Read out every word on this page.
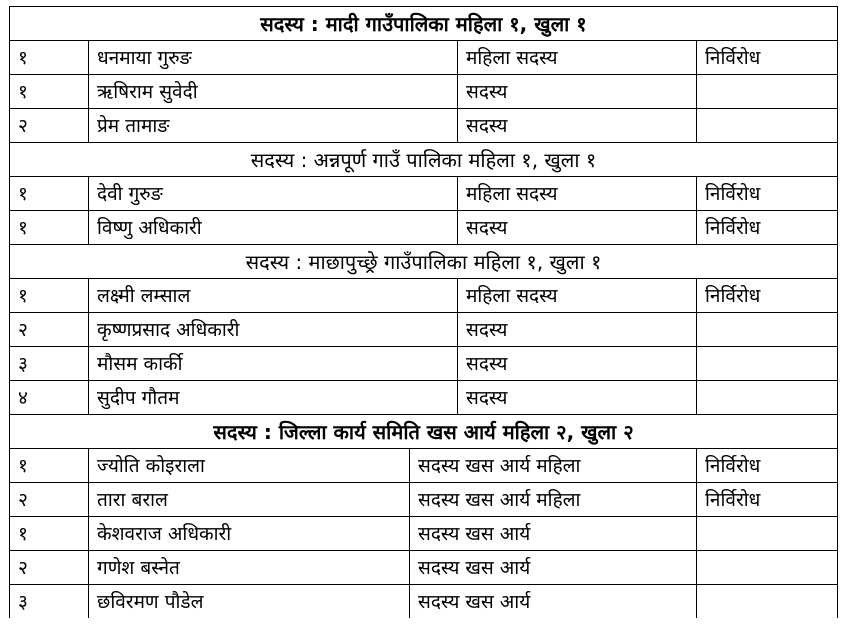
सदस्य : मादी गाउँपालिका महिला १, खुला १				
१	धनमाया गुरुङ		महिला सदस्य	निर्विरोध
१	ऋषिराम सुवेदी		सदस्य	
२	प्रेम तामाङ		सदस्य	
सदस्य : अन्नपूर्ण गाउँ पालिका महिला १, खुला १				
१	देवी गुरुङ		महिला सदस्य	निर्विरोध
१	विष्णु अधिकारी		सदस्य	निर्विरोध
सदस्य : माछापुच्छ्रे गाउँपालिका महिला १, खुला १				
१	लक्ष्मी लम्साल		महिला सदस्य	निर्विरोध
२	कृष्णप्रसाद अधिकारी		सदस्य	
३	मौसम कार्की		सदस्य	
४	सुदीप गौतम		सदस्य	
सदस्य : जिल्ला कार्य समिति खस आर्य महिला २, खुला २				
१	ज्योति कोइराला	सदस्य खस आर्य महिला		निर्विरोध
२	तारा बराल	सदस्य खस आर्य महिला		निर्विरोध
१	केशवराज अधिकारी	सदस्य खस आर्य		
२	गणेश बस्नेत	सदस्य खस आर्य		
३	छविरमण पौडेल	सदस्य खस आर्य		
